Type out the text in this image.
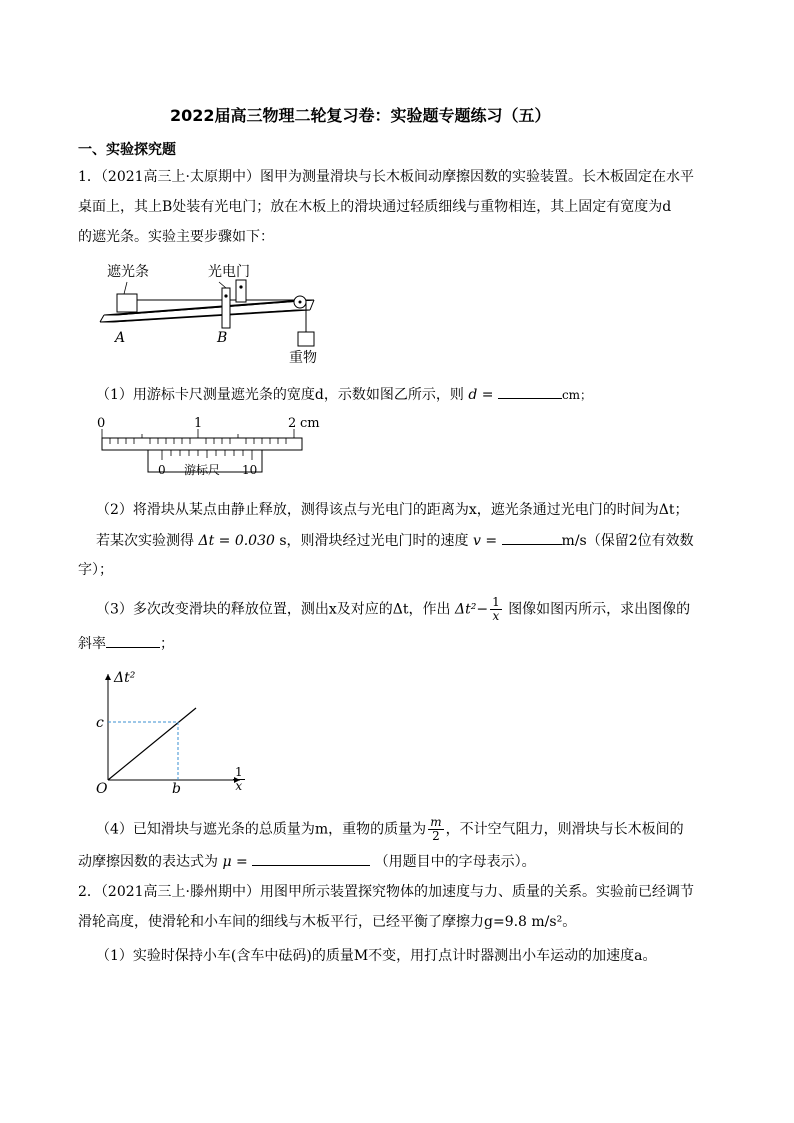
2022届高三物理二轮复习卷：实验题专题练习（五）
一、实验探究题
1．（2021高三上·太原期中）图甲为测量滑块与长木板间动摩擦因数的实验装置。长木板固定在水平
桌面上，其上B处装有光电门；放在木板上的滑块通过轻质细线与重物相连，其上固定有宽度为d
的遮光条。实验主要步骤如下：
遮光条	光电门
A	B
重物
（1）用游标卡尺测量遮光条的宽度d，示数如图乙所示，则 d =	cm；
0	1	2 cm
0 游标尺 10
（2）将滑块从某点由静止释放，测得该点与光电门的距离为x，遮光条通过光电门的时间为Δt；
若某次实验测得 Δt = 0.030 s，则滑块经过光电门时的速度 v =	m/s（保留2位有效数
字）；
（3）多次改变滑块的释放位置，测出x及对应的Δt，作出 $\Delta t^2- \frac{1}{x}$ 图像如图丙所示，求出图像的
斜率	；
Δt²
c
O	b	$\frac{1}{x}$
（4）已知滑块与遮光条的总质量为m，重物的质量为 $\frac{m}{2}$ ，不计空气阻力，则滑块与长木板间的
动摩擦因数的表达式为 μ =	（用题目中的字母表示）。
2．（2021高三上·滕州期中）用图甲所示装置探究物体的加速度与力、质量的关系。实验前已经调节
滑轮高度，使滑轮和小车间的细线与木板平行，已经平衡了摩擦力g=9.8 m/s²。
（1）实验时保持小车(含车中砝码)的质量M不变，用打点计时器测出小车运动的加速度a。
